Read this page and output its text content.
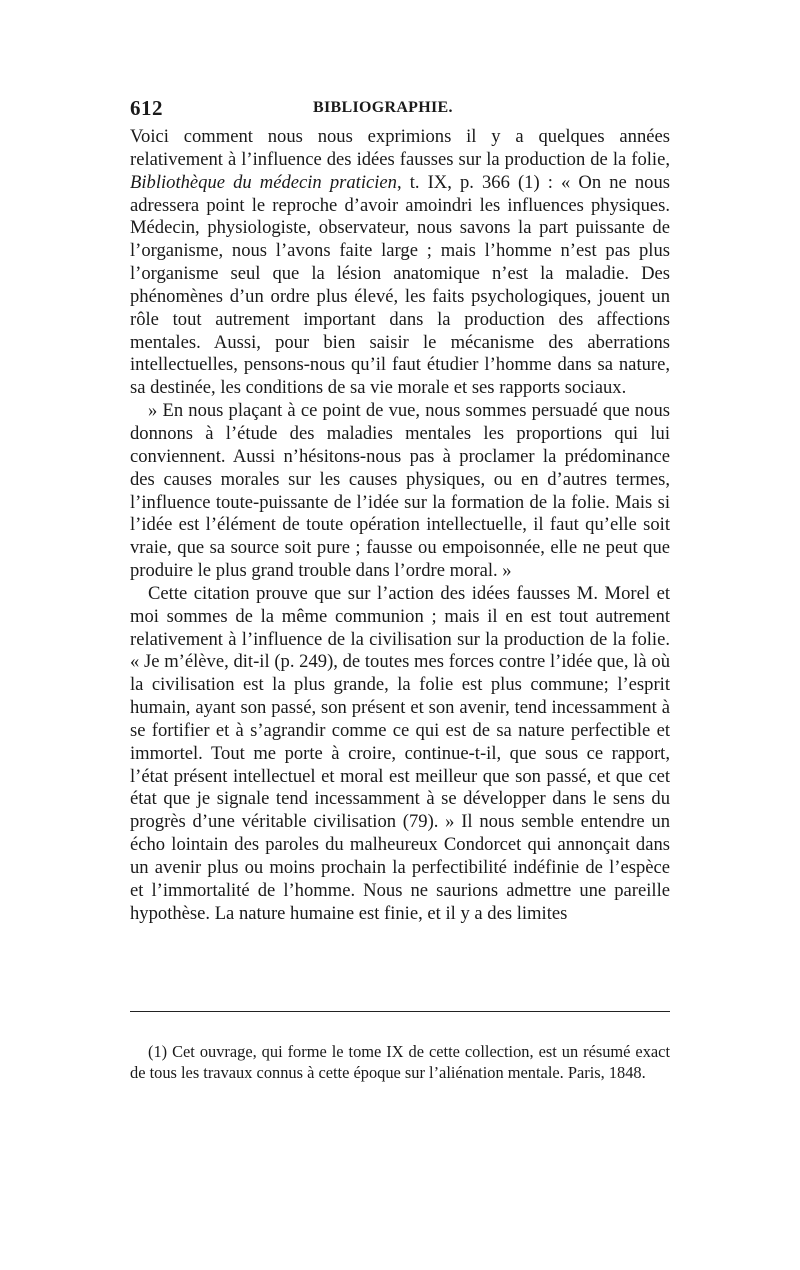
612	BIBLIOGRAPHIE.

Voici comment nous nous exprimions il y a quelques années relativement à l’influence des idées fausses sur la production de la folie, Bibliothèque du médecin praticien, t. IX, p. 366 (1) : « On ne nous adressera point le reproche d’avoir amoindri les influences physiques. Médecin, physiologiste, observateur, nous savons la part puissante de l’organisme, nous l’avons faite large ; mais l’homme n’est pas plus l’organisme seul que la lésion anatomique n’est la maladie. Des phénomènes d’un ordre plus élevé, les faits psychologiques, jouent un rôle tout autrement important dans la production des affections mentales. Aussi, pour bien saisir le mécanisme des aberrations intellectuelles, pensons-nous qu’il faut étudier l’homme dans sa nature, sa destinée, les conditions de sa vie morale et ses rapports sociaux.

» En nous plaçant à ce point de vue, nous sommes persuadé que nous donnons à l’étude des maladies mentales les proportions qui lui conviennent. Aussi n’hésitons-nous pas à proclamer la prédominance des causes morales sur les causes physiques, ou en d’autres termes, l’influence toute-puissante de l’idée sur la formation de la folie. Mais si l’idée est l’élément de toute opération intellectuelle, il faut qu’elle soit vraie, que sa source soit pure ; fausse ou empoisonnée, elle ne peut que produire le plus grand trouble dans l’ordre moral. »

Cette citation prouve que sur l’action des idées fausses M. Morel et moi sommes de la même communion ; mais il en est tout autrement relativement à l’influence de la civilisation sur la production de la folie. « Je m’élève, dit-il (p. 249), de toutes mes forces contre l’idée que, là où la civilisation est la plus grande, la folie est plus commune; l’esprit humain, ayant son passé, son présent et son avenir, tend incessamment à se fortifier et à s’agrandir comme ce qui est de sa nature perfectible et immortel. Tout me porte à croire, continue-t-il, que sous ce rapport, l’état présent intellectuel et moral est meilleur que son passé, et que cet état que je signale tend incessamment à se développer dans le sens du progrès d’une véritable civilisation (79). » Il nous semble entendre un écho lointain des paroles du malheureux Condorcet qui annonçait dans un avenir plus ou moins prochain la perfectibilité indéfinie de l’espèce et l’immortalité de l’homme. Nous ne saurions admettre une pareille hypothèse. La nature humaine est finie, et il y a des limites

(1) Cet ouvrage, qui forme le tome IX de cette collection, est un résumé exact de tous les travaux connus à cette époque sur l’aliénation mentale. Paris, 1848.
